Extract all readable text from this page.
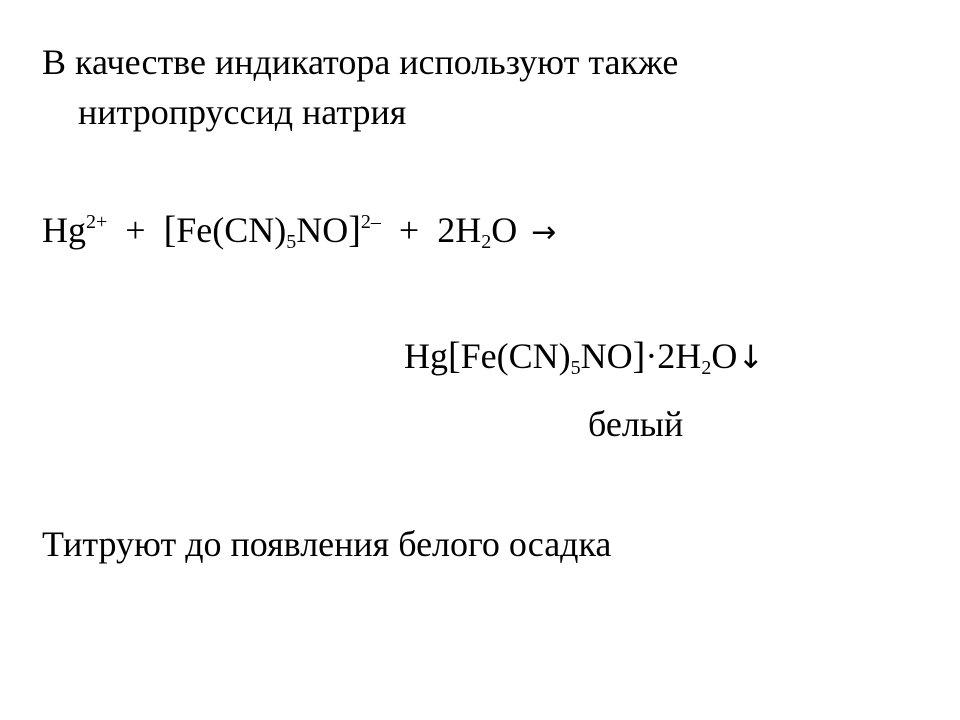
В качестве индикатора используют также
нитропруссид натрия
$Hg^{2+} + [Fe(CN)_5NO]^{2-} + 2H_2O$ →
$Hg[Fe(CN)_5NO]\cdot 2H_2O↓$
белый
Титруют до появления белого осадка
